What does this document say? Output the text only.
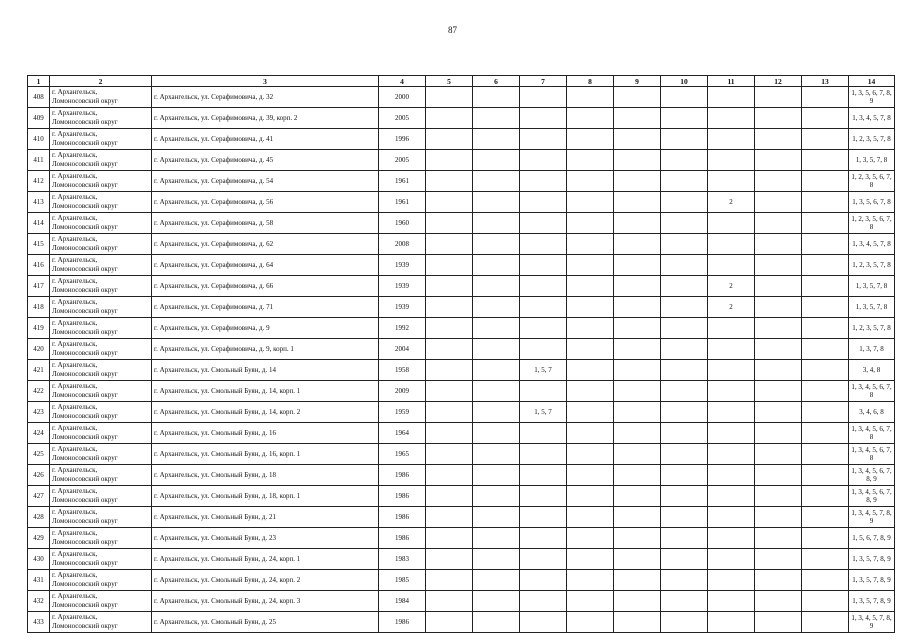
87
1	2	3	4	5	6	7	8	9	10	11	12	13	14
408	г. Архангельск,
Ломоносовский округ	г. Архангельск, ул. Серафимовича, д. 32	2000										1, 3, 5, 6, 7, 8, 9
409	г. Архангельск,
Ломоносовский округ	г. Архангельск, ул. Серафимовича, д. 39, корп. 2	2005										1, 3, 4, 5, 7, 8
410	г. Архангельск,
Ломоносовский округ	г. Архангельск, ул. Серафимовича, д. 41	1996										1, 2, 3, 5, 7, 8
411	г. Архангельск,
Ломоносовский округ	г. Архангельск, ул. Серафимовича, д. 45	2005										1, 3, 5, 7, 8
412	г. Архангельск,
Ломоносовский округ	г. Архангельск, ул. Серафимовича, д. 54	1961										1, 2, 3, 5, 6, 7, 8
413	г. Архангельск,
Ломоносовский округ	г. Архангельск, ул. Серафимовича, д. 56	1961							2			1, 3, 5, 6, 7, 8
414	г. Архангельск,
Ломоносовский округ	г. Архангельск, ул. Серафимовича, д. 58	1960										1, 2, 3, 5, 6, 7, 8
415	г. Архангельск,
Ломоносовский округ	г. Архангельск, ул. Серафимовича, д. 62	2008										1, 3, 4, 5, 7, 8
416	г. Архангельск,
Ломоносовский округ	г. Архангельск, ул. Серафимовича, д. 64	1939										1, 2, 3, 5, 7, 8
417	г. Архангельск,
Ломоносовский округ	г. Архангельск, ул. Серафимовича, д. 66	1939							2			1, 3, 5, 7, 8
418	г. Архангельск,
Ломоносовский округ	г. Архангельск, ул. Серафимовича, д. 71	1939							2			1, 3, 5, 7, 8
419	г. Архангельск,
Ломоносовский округ	г. Архангельск, ул. Серафимовича, д. 9	1992										1, 2, 3, 5, 7, 8
420	г. Архангельск,
Ломоносовский округ	г. Архангельск, ул. Серафимовича, д. 9, корп. 1	2004										1, 3, 7, 8
421	г. Архангельск,
Ломоносовский округ	г. Архангельск, ул. Смольный Буян, д. 14	1958			1, 5, 7							3, 4, 8
422	г. Архангельск,
Ломоносовский округ	г. Архангельск, ул. Смольный Буян, д. 14, корп. 1	2009										1, 3, 4, 5, 6, 7, 8
423	г. Архангельск,
Ломоносовский округ	г. Архангельск, ул. Смольный Буян, д. 14, корп. 2	1959			1, 5, 7							3, 4, 6, 8
424	г. Архангельск,
Ломоносовский округ	г. Архангельск, ул. Смольный Буян, д. 16	1964										1, 3, 4, 5, 6, 7, 8
425	г. Архангельск,
Ломоносовский округ	г. Архангельск, ул. Смольный Буян, д. 16, корп. 1	1965										1, 3, 4, 5, 6, 7, 8
426	г. Архангельск,
Ломоносовский округ	г. Архангельск, ул. Смольный Буян, д. 18	1986										1, 3, 4, 5, 6, 7, 8, 9
427	г. Архангельск,
Ломоносовский округ	г. Архангельск, ул. Смольный Буян, д. 18, корп. 1	1986										1, 3, 4, 5, 6, 7, 8, 9
428	г. Архангельск,
Ломоносовский округ	г. Архангельск, ул. Смольный Буян, д. 21	1986										1, 3, 4, 5, 7, 8, 9
429	г. Архангельск,
Ломоносовский округ	г. Архангельск, ул. Смольный Буян, д. 23	1986										1, 5, 6, 7, 8, 9
430	г. Архангельск,
Ломоносовский округ	г. Архангельск, ул. Смольный Буян, д. 24, корп. 1	1983										1, 3, 5, 7, 8, 9
431	г. Архангельск,
Ломоносовский округ	г. Архангельск, ул. Смольный Буян, д. 24, корп. 2	1985										1, 3, 5, 7, 8, 9
432	г. Архангельск,
Ломоносовский округ	г. Архангельск, ул. Смольный Буян, д. 24, корп. 3	1984										1, 3, 5, 7, 8, 9
433	г. Архангельск,
Ломоносовский округ	г. Архангельск, ул. Смольный Буян, д. 25	1986										1, 3, 4, 5, 7, 8, 9
